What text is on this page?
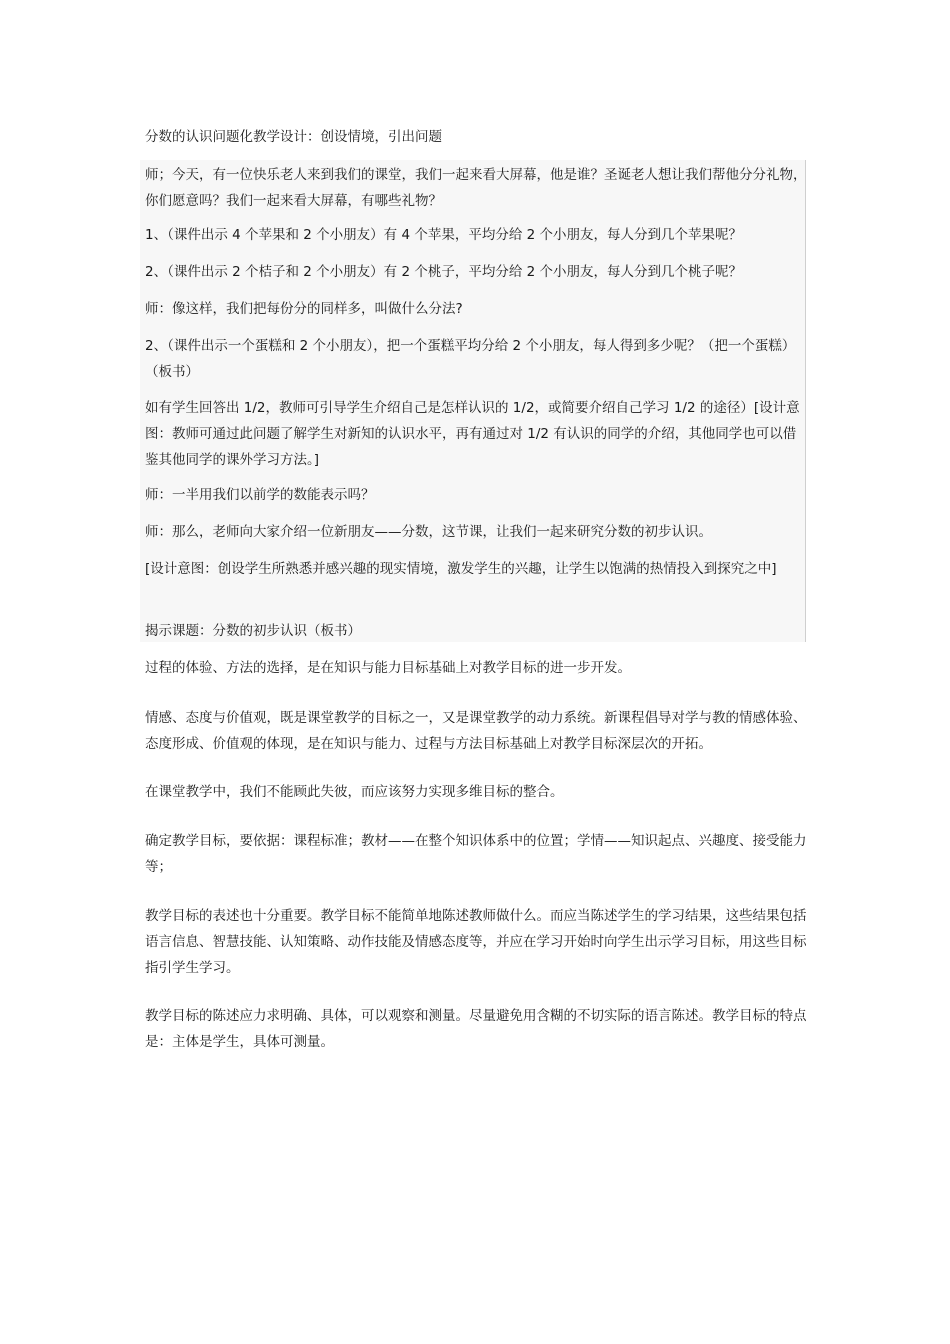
分数的认识问题化教学设计：创设情境，引出问题

师；今天，有一位快乐老人来到我们的课堂，我们一起来看大屏幕，他是谁？圣诞老人想让我们帮他分分礼物，你们愿意吗？我们一起来看大屏幕，有哪些礼物？

1、（课件出示 4 个苹果和 2 个小朋友）有 4 个苹果，平均分给 2 个小朋友，每人分到几个苹果呢？

2、（课件出示 2 个桔子和 2 个小朋友）有 2 个桃子，平均分给 2 个小朋友，每人分到几个桃子呢？

师：像这样，我们把每份分的同样多，叫做什么分法?

2、（课件出示一个蛋糕和 2 个小朋友），把一个蛋糕平均分给 2 个小朋友，每人得到多少呢？（把一个蛋糕）（板书）

如有学生回答出 1/2，教师可引导学生介绍自己是怎样认识的 1/2，或简要介绍自己学习 1/2 的途径）[设计意图：教师可通过此问题了解学生对新知的认识水平，再有通过对 1/2 有认识的同学的介绍，其他同学也可以借鉴其他同学的课外学习方法。]

师：一半用我们以前学的数能表示吗？

师：那么，老师向大家介绍一位新朋友——分数，这节课，让我们一起来研究分数的初步认识。

[设计意图：创设学生所熟悉并感兴趣的现实情境，激发学生的兴趣，让学生以饱满的热情投入到探究之中]

揭示课题：分数的初步认识（板书）

过程的体验、方法的选择，是在知识与能力目标基础上对教学目标的进一步开发。

情感、态度与价值观，既是课堂教学的目标之一，又是课堂教学的动力系统。新课程倡导对学与教的情感体验、态度形成、价值观的体现，是在知识与能力、过程与方法目标基础上对教学目标深层次的开拓。

在课堂教学中，我们不能顾此失彼，而应该努力实现多维目标的整合。

确定教学目标，要依据：课程标准；教材——在整个知识体系中的位置；学情——知识起点、兴趣度、接受能力等；

教学目标的表述也十分重要。教学目标不能简单地陈述教师做什么。而应当陈述学生的学习结果，这些结果包括语言信息、智慧技能、认知策略、动作技能及情感态度等，并应在学习开始时向学生出示学习目标，用这些目标指引学生学习。

教学目标的陈述应力求明确、具体，可以观察和测量。尽量避免用含糊的不切实际的语言陈述。教学目标的特点是：主体是学生，具体可测量。
